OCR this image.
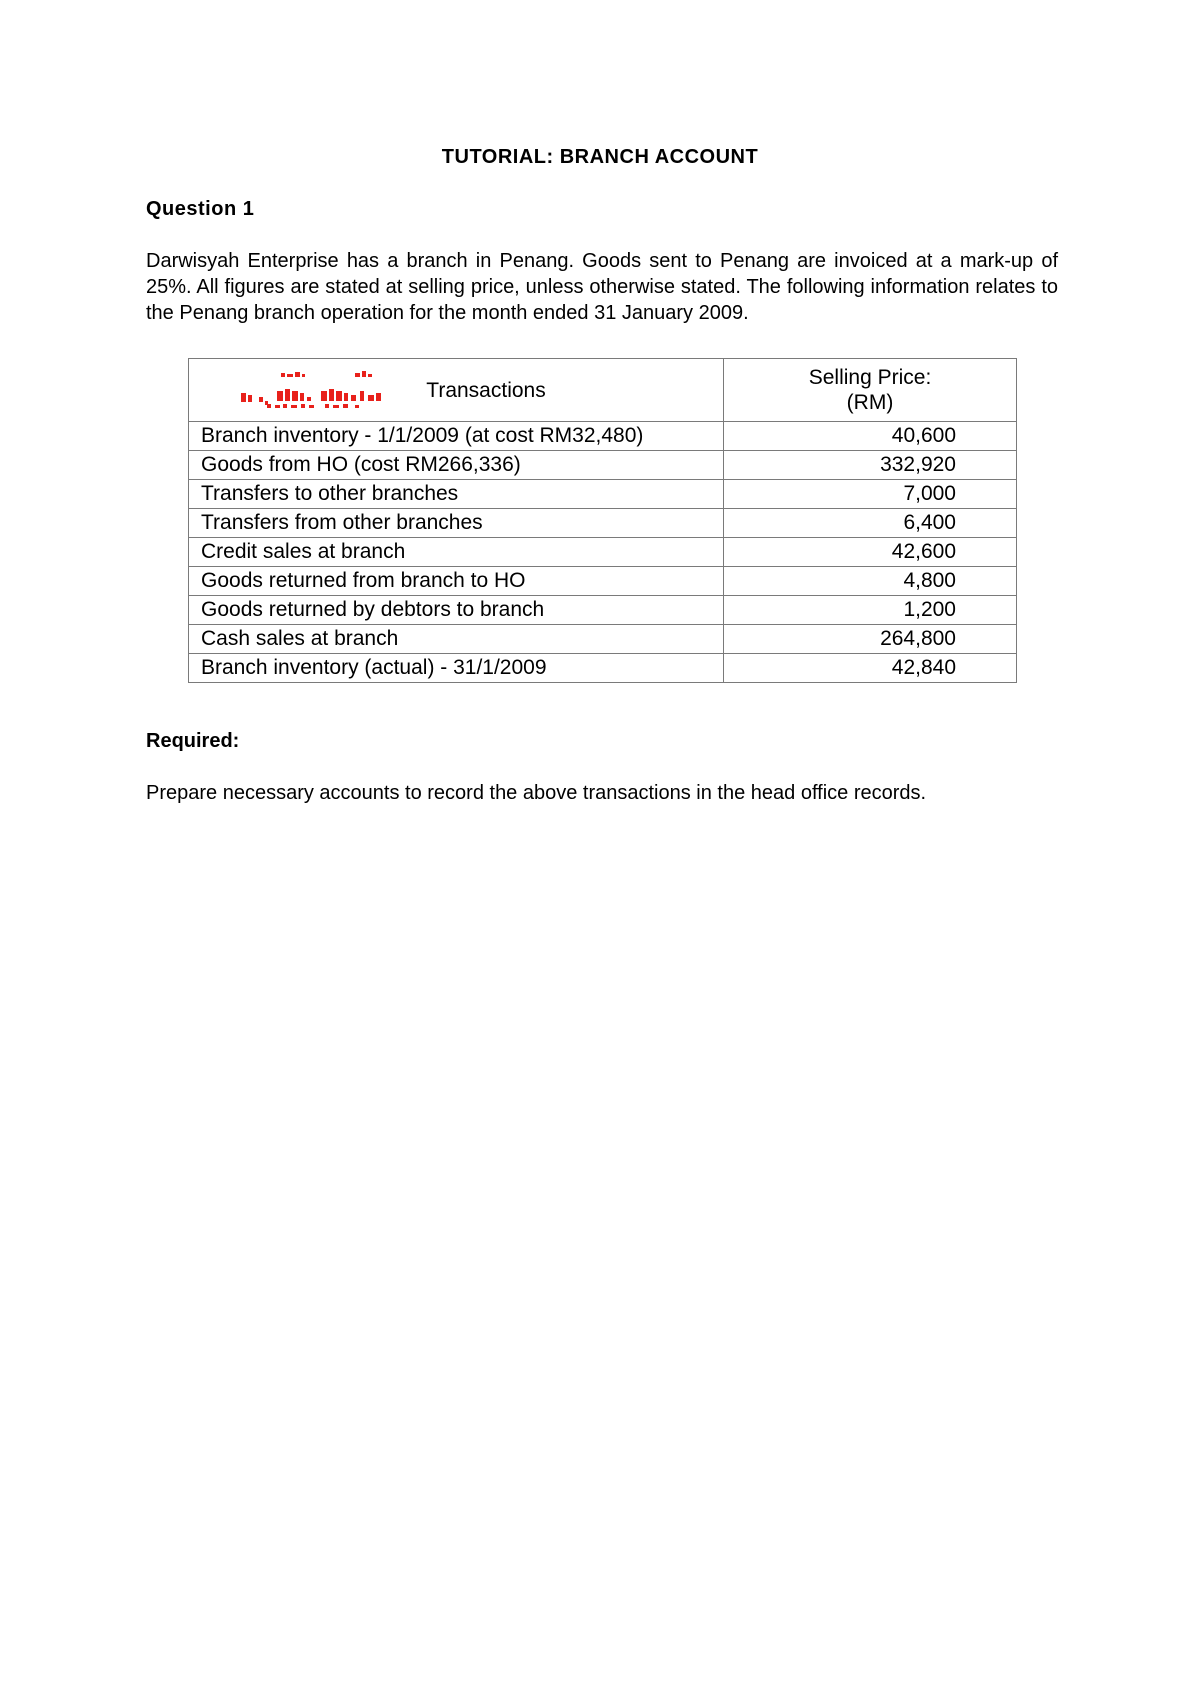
TUTORIAL: BRANCH ACCOUNT
Question 1

Darwisyah Enterprise has a branch in Penang. Goods sent to Penang are invoiced at a mark-up of 25%. All figures are stated at selling price, unless otherwise stated. The following information relates to the Penang branch operation for the month ended 31 January 2009.

Transactions	Selling Price:
(RM)

Branch inventory - 1/1/2009 (at cost RM32,480)	40,600
Goods from HO (cost RM266,336)	332,920
Transfers to other branches	7,000
Transfers from other branches	6,400
Credit sales at branch	42,600
Goods returned from branch to HO	4,800
Goods returned by debtors to branch	1,200
Cash sales at branch	264,800
Branch inventory (actual) - 31/1/2009	42,840
Required:
Prepare necessary accounts to record the above transactions in the head office records.
